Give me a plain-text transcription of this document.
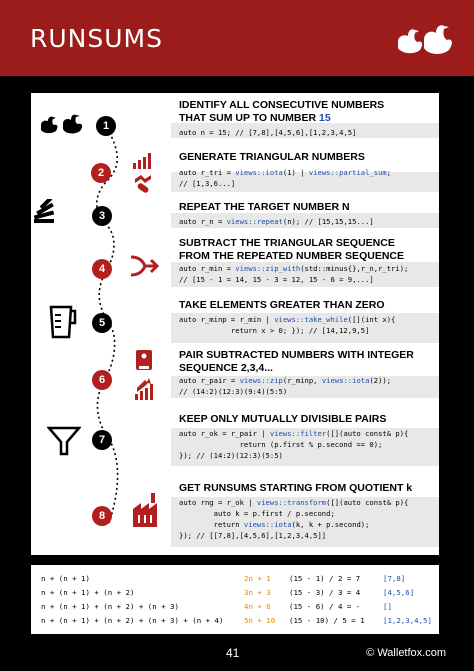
RUNSUMS
1
2
3
4
5
6
7
8
IDENTIFY ALL CONSECUTIVE NUMBERS
THAT SUM UP TO NUMBER 15
auto n = 15; // [7,8],[4,5,6],[1,2,3,4,5]
GENERATE TRIANGULAR NUMBERS
auto r_tri = views::iota(1) | views::partial_sum;
// [1,3,6...]
REPEAT THE TARGET NUMBER N
auto r_n = views::repeat(n); // [15,15,15...]
SUBTRACT THE TRIANGULAR SEQUENCE
FROM THE REPEATED NUMBER SEQUENCE
auto r_min = views::zip_with(std::minus{},r_n,r_tri);
// [15 - 1 = 14, 15 - 3 = 12, 15 - 6 = 9,...]
TAKE ELEMENTS GREATER THAN ZERO
auto r_minp = r_min | views::take_while([](int x){
return x > 0; }); // [14,12,9,5]
PAIR SUBTRACTED NUMBERS WITH INTEGER
SEQUENCE 2,3,4...
auto r_pair = views::zip(r_minp, views::iota(2));
// (14:2)(12:3)(9:4)(5:5)
KEEP ONLY MUTUALLY DIVISIBLE PAIRS
auto r_ok = r_pair | views::filter([](auto const& p){
return (p.first % p.second == 0);
}); // (14:2)(12:3)(5:5)
GET RUNSUMS STARTING FROM QUOTIENT k
auto rng = r_ok | views::transform([](auto const& p){
auto k = p.first / p.second;
return views::iota(k, k + p.second);
}); // [[7,8],[4,5,6],[1,2,3,4,5]]
n + (n + 1)
n + (n + 1) + (n + 2)
n + (n + 1) + (n + 2) + (n + 3)
n + (n + 1) + (n + 2) + (n + 3) + (n + 4)
2n + 1
3n + 3
4n + 6
5n + 10
(15 - 1) / 2 = 7
(15 - 3) / 3 = 4
(15 - 6) / 4 = -
(15 - 10) / 5 = 1
[7,8]
[4,5,6]
[]
[1,2,3,4,5]
41	© Walletfox.com
